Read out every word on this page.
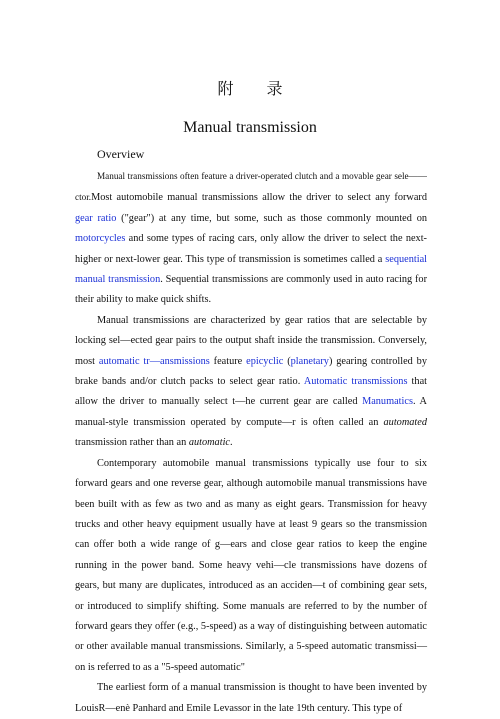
附 录
Manual transmission
Overview

Manual transmissions often feature a driver-operated clutch and a movable gear sele——ctor.Most automobile manual transmissions allow the driver to select any forward gear ratio ("gear") at any time, but some, such as those commonly mounted on motorcycles and some types of racing cars, only allow the driver to select the next-higher or next-lower gear. This type of transmission is sometimes called a sequential manual transmission. Sequential transmissions are commonly used in auto racing for their ability to make quick shifts.

Manual transmissions are characterized by gear ratios that are selectable by locking sel—ected gear pairs to the output shaft inside the transmission. Conversely, most automatic tr—ansmissions feature epicyclic (planetary) gearing controlled by brake bands and/or clutch packs to select gear ratio. Automatic transmissions that allow the driver to manually select t—he current gear are called Manumatics. A manual-style transmission operated by compute—r is often called an automated transmission rather than an automatic.

Contemporary automobile manual transmissions typically use four to six forward gears and one reverse gear, although automobile manual transmissions have been built with as few as two and as many as eight gears. Transmission for heavy trucks and other heavy equipment usually have at least 9 gears so the transmission can offer both a wide range of g—ears and close gear ratios to keep the engine running in the power band. Some heavy vehi—cle transmissions have dozens of gears, but many are duplicates, introduced as an acciden—t of combining gear sets, or introduced to simplify shifting. Some manuals are referred to by the number of forward gears they offer (e.g., 5-speed) as a way of distinguishing between automatic or other available manual transmissions. Similarly, a 5-speed automatic transmissi—on is referred to as a "5-speed automatic"

The earliest form of a manual transmission is thought to have been invented by LouisR—enè Panhard and Emile Levassor in the late 19th century. This type of
